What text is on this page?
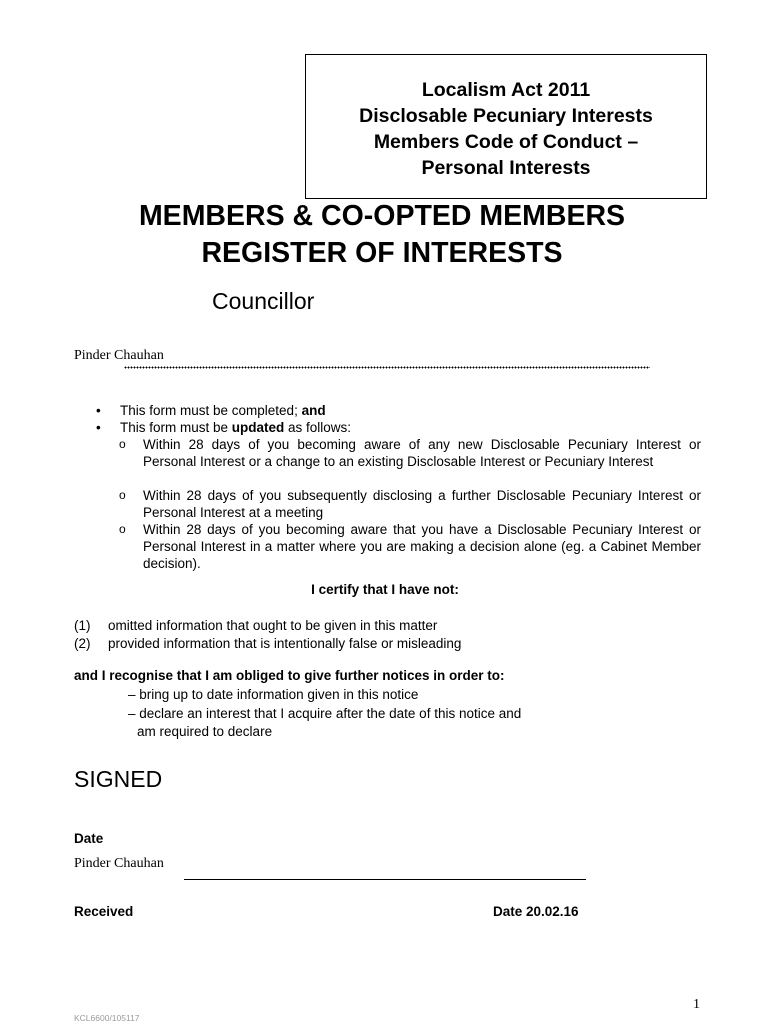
Localism Act 2011
Disclosable Pecuniary Interests
Members Code of Conduct –
Personal Interests
MEMBERS & CO-OPTED MEMBERS
REGISTER OF INTERESTS
Councillor
Pinder Chauhan
• This form must be completed; and
• This form must be updated as follows:
o Within 28 days of you becoming aware of any new Disclosable Pecuniary Interest or Personal Interest or a change to an existing Disclosable Interest or Pecuniary Interest
o Within 28 days of you subsequently disclosing a further Disclosable Pecuniary Interest or Personal Interest at a meeting
o Within 28 days of you becoming aware that you have a Disclosable Pecuniary Interest or Personal Interest in a matter where you are making a decision alone (eg. a Cabinet Member decision).
I certify that I have not:
(1) omitted information that ought to be given in this matter
(2) provided information that is intentionally false or misleading
and I recognise that I am obliged to give further notices in order to:
– bring up to date information given in this notice
– declare an interest that I acquire after the date of this notice and
am required to declare
SIGNED
Date
Pinder Chauhan
Received	Date 20.02.16
1
KCL6600/105117
